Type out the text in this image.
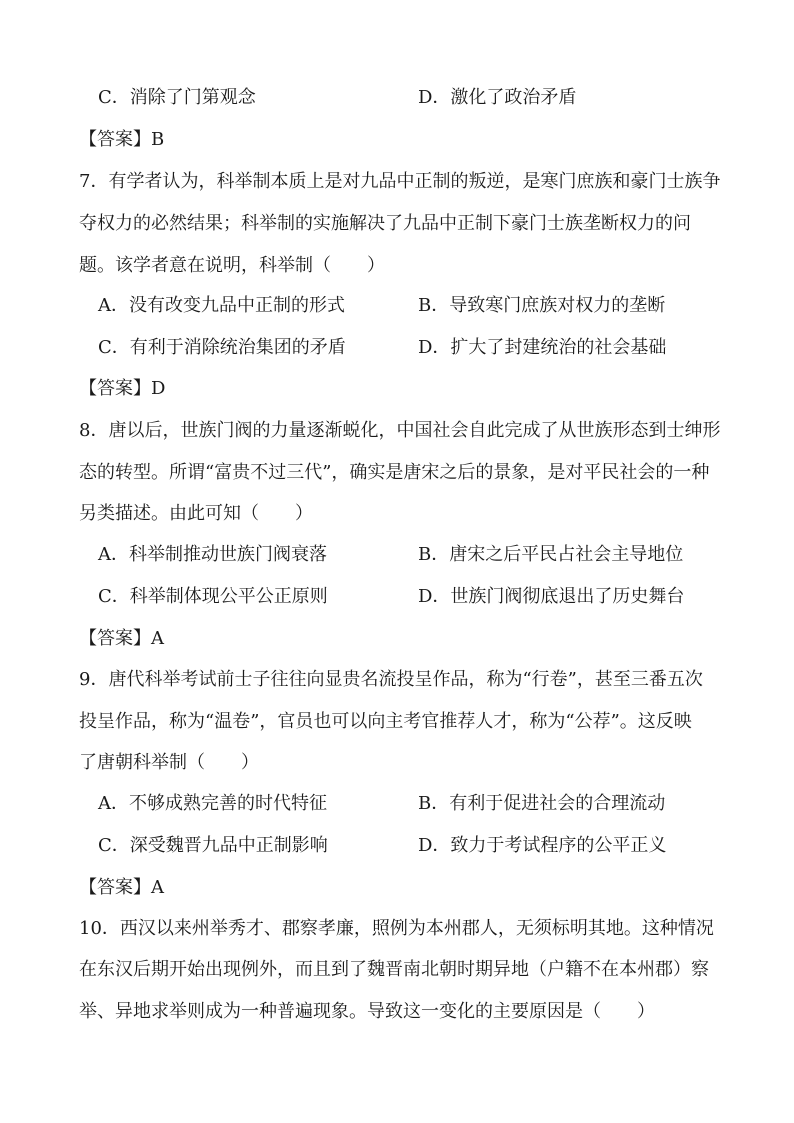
C．消除了门第观念	D．激化了政治矛盾
【答案】B
7．有学者认为，科举制本质上是对九品中正制的叛逆，是寒门庶族和豪门士族争
夺权力的必然结果；科举制的实施解决了九品中正制下豪门士族垄断权力的问
题。该学者意在说明，科举制（　　）
A．没有改变九品中正制的形式	B．导致寒门庶族对权力的垄断
C．有利于消除统治集团的矛盾	D．扩大了封建统治的社会基础
【答案】D
8．唐以后，世族门阀的力量逐渐蜕化，中国社会自此完成了从世族形态到士绅形
态的转型。所谓“富贵不过三代”，确实是唐宋之后的景象，是对平民社会的一种
另类描述。由此可知（　　）
A．科举制推动世族门阀衰落	B．唐宋之后平民占社会主导地位
C．科举制体现公平公正原则	D．世族门阀彻底退出了历史舞台
【答案】A
9．唐代科举考试前士子往往向显贵名流投呈作品，称为“行卷”，甚至三番五次
投呈作品，称为“温卷”，官员也可以向主考官推荐人才，称为“公荐”。这反映
了唐朝科举制（　　）
A．不够成熟完善的时代特征	B．有利于促进社会的合理流动
C．深受魏晋九品中正制影响	D．致力于考试程序的公平正义
【答案】A
10．西汉以来州举秀才、郡察孝廉，照例为本州郡人，无须标明其地。这种情况
在东汉后期开始出现例外，而且到了魏晋南北朝时期异地（户籍不在本州郡）察
举、异地求举则成为一种普遍现象。导致这一变化的主要原因是（　　）
